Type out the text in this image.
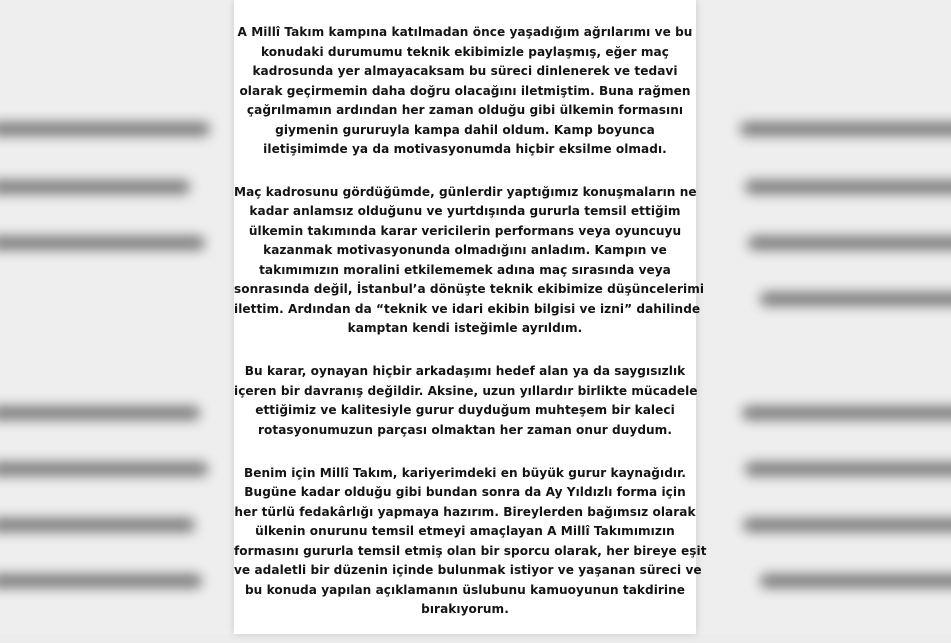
A Millî Takım kampına katılmadan önce yaşadığım ağrılarımı ve bu
konudaki durumumu teknik ekibimizle paylaşmış, eğer maç
kadrosunda yer almayacaksam bu süreci dinlenerek ve tedavi
olarak geçirmemin daha doğru olacağını iletmiştim. Buna rağmen
çağrılmamın ardından her zaman olduğu gibi ülkemin formasını
giymenin gururuyla kampa dahil oldum. Kamp boyunca
iletişimimde ya da motivasyonumda hiçbir eksilme olmadı.
Maç kadrosunu gördüğümde, günlerdir yaptığımız konuşmaların ne
kadar anlamsız olduğunu ve yurtdışında gururla temsil ettiğim
ülkemin takımında karar vericilerin performans veya oyuncuyu
kazanmak motivasyonunda olmadığını anladım. Kampın ve
takımımızın moralini etkilememek adına maç sırasında veya
sonrasında değil, İstanbul’a dönüşte teknik ekibimize düşüncelerimi
ilettim. Ardından da “teknik ve idari ekibin bilgisi ve izni” dahilinde
kamptan kendi isteğimle ayrıldım.
Bu karar, oynayan hiçbir arkadaşımı hedef alan ya da saygısızlık
içeren bir davranış değildir. Aksine, uzun yıllardır birlikte mücadele
ettiğimiz ve kalitesiyle gurur duyduğum muhteşem bir kaleci
rotasyonumuzun parçası olmaktan her zaman onur duydum.
Benim için Millî Takım, kariyerimdeki en büyük gurur kaynağıdır.
Bugüne kadar olduğu gibi bundan sonra da Ay Yıldızlı forma için
her türlü fedakârlığı yapmaya hazırım. Bireylerden bağımsız olarak
ülkenin onurunu temsil etmeyi amaçlayan A Millî Takımımızın
formasını gururla temsil etmiş olan bir sporcu olarak, her bireye eşit
ve adaletli bir düzenin içinde bulunmak istiyor ve yaşanan süreci ve
bu konuda yapılan açıklamanın üslubunu kamuoyunun takdirine
bırakıyorum.
